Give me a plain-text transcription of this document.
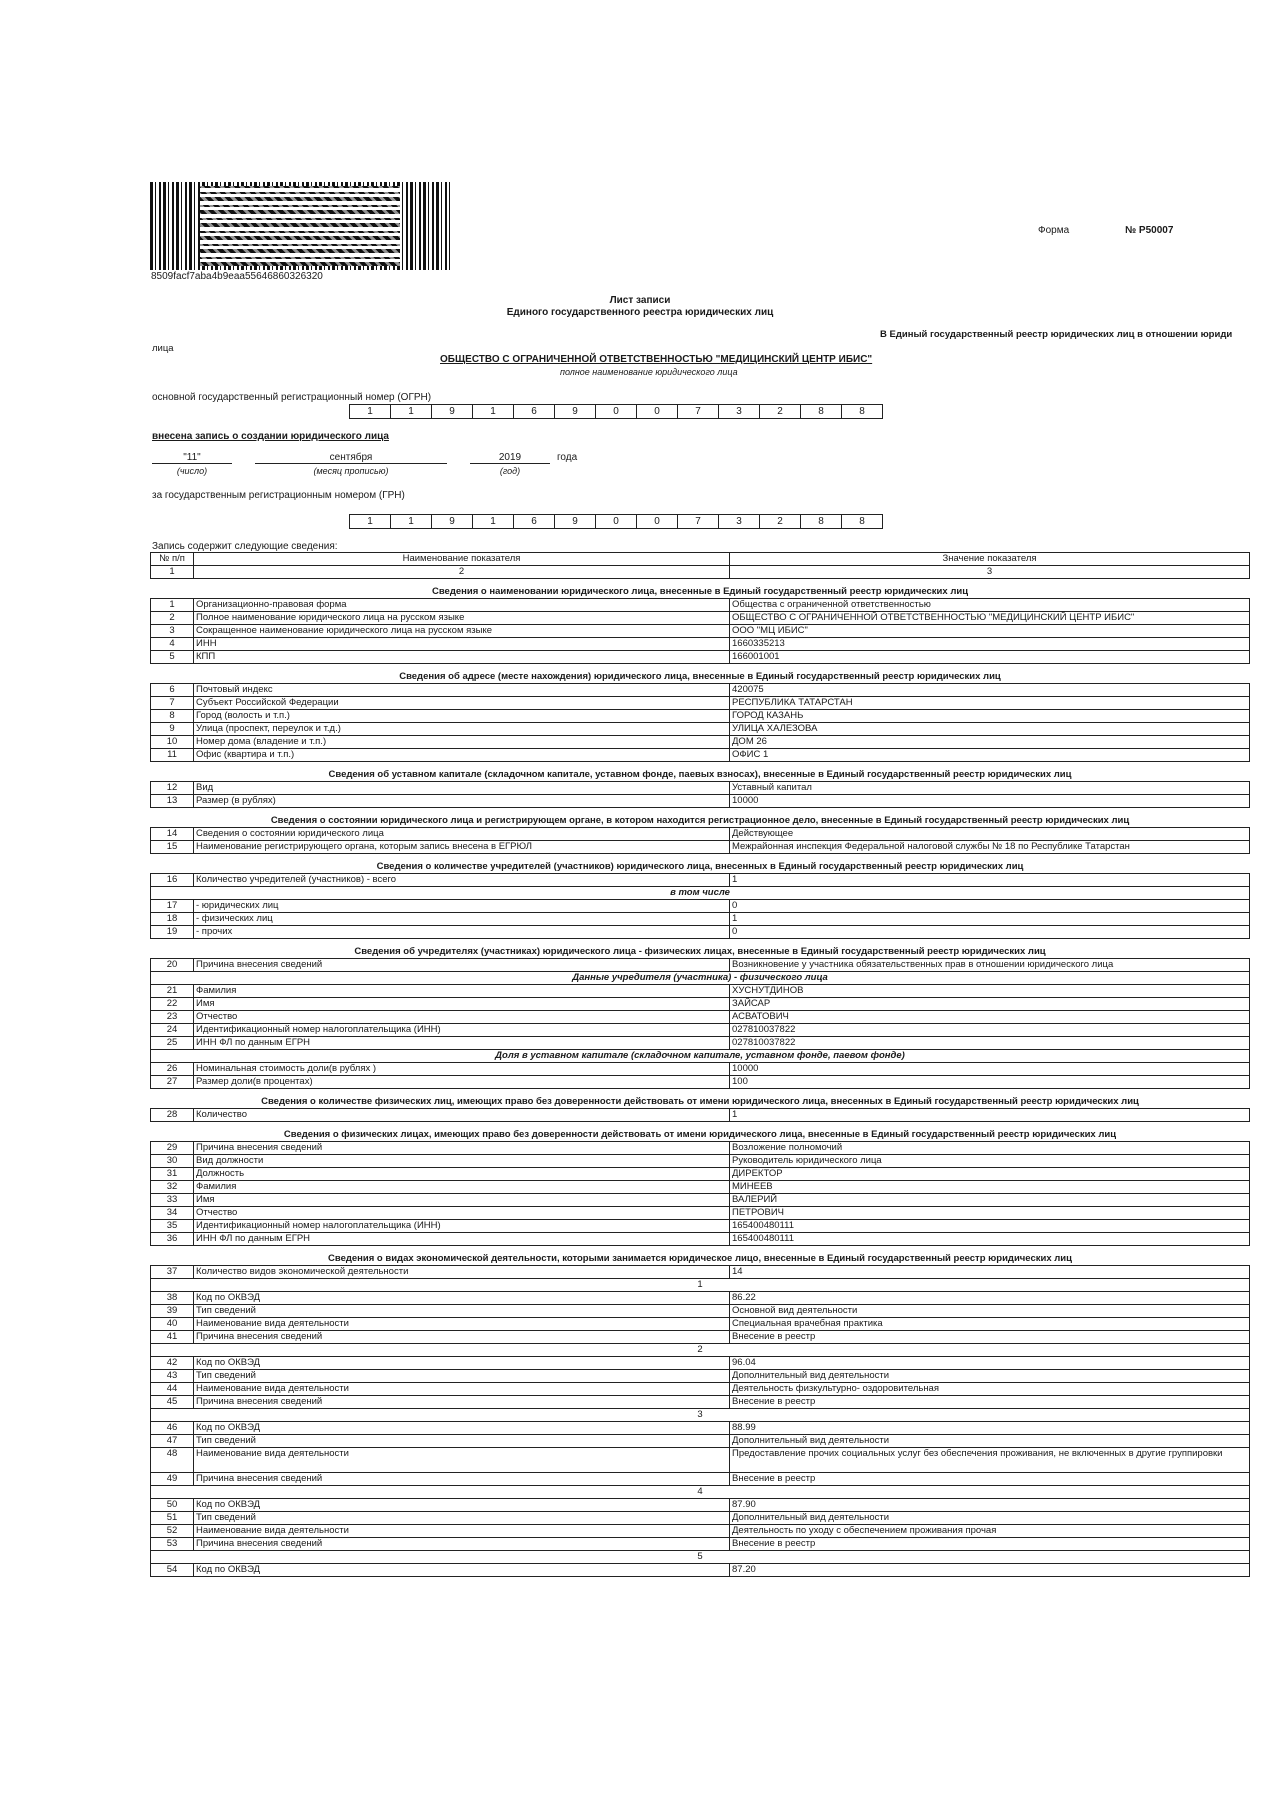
8509facf7aba4b9eaa55646860326320
Форма	№ Р50007
Лист записи
Единого государственного реестра юридических лиц
В Единый государственный реестр юридических лиц в отношении юриди
лица
ОБЩЕСТВО С ОГРАНИЧЕННОЙ ОТВЕТСТВЕННОСТЬЮ "МЕДИЦИНСКИЙ ЦЕНТР ИБИС"
полное наименование юридического лица
основной государственный регистрационный номер (ОГРН)
1	1	9	1	6	9	0	0	7	3	2	8	8
внесена запись о создании юридического лица
"11"	сентября	2019	года
(число)	(месяц прописью)	(год)
за государственным регистрационным номером (ГРН)
1	1	9	1	6	9	0	0	7	3	2	8	8
Запись содержит следующие сведения:
№ п/п	Наименование показателя	Значение показателя
1	2	3
Сведения о наименовании юридического лица, внесенные в Единый государственный реестр юридических лиц		
1	Организационно-правовая форма	Общества с ограниченной ответственностью
2	Полное наименование юридического лица на русском языке	ОБЩЕСТВО С ОГРАНИЧЕННОЙ ОТВЕТСТВЕННОСТЬЮ "МЕДИЦИНСКИЙ ЦЕНТР ИБИС"
3	Сокращенное наименование юридического лица на русском языке	ООО "МЦ ИБИС"
4	ИНН	1660335213
5	КПП	166001001
Сведения об адресе (месте нахождения) юридического лица, внесенные в Единый государственный реестр юридических лиц		
6	Почтовый индекс	420075
7	Субъект Российской Федерации	РЕСПУБЛИКА ТАТАРСТАН
8	Город (волость и т.п.)	ГОРОД КАЗАНЬ
9	Улица (проспект, переулок и т.д.)	УЛИЦА ХАЛЕЗОВА
10	Номер дома (владение и т.п.)	ДОМ 26
11	Офис (квартира и т.п.)	ОФИС 1
Сведения об уставном капитале (складочном капитале, уставном фонде, паевых взносах), внесенные в Единый государственный реестр юридических лиц		
12	Вид	Уставный капитал
13	Размер (в рублях)	10000
Сведения о состоянии юридического лица и регистрирующем органе, в котором находится регистрационное дело, внесенные в Единый государственный реестр юридических лиц		
14	Сведения о состоянии юридического лица	Действующее
15	Наименование регистрирующего органа, которым запись внесена в ЕГРЮЛ	Межрайонная инспекция Федеральной налоговой службы № 18 по Республике Татарстан
Сведения о количестве учредителей (участников) юридического лица, внесенных в Единый государственный реестр юридических лиц		
16	Количество учредителей (участников) - всего	1
в том числе		
17	- юридических лиц	0
18	- физических лиц	1
19	- прочих	0
Сведения об учредителях (участниках) юридического лица - физических лицах, внесенные в Единый государственный реестр юридических лиц		
20	Причина внесения сведений	Возникновение у участника обязательственных прав в отношении юридического лица
Данные учредителя (участника) - физического лица		
21	Фамилия	ХУСНУТДИНОВ
22	Имя	ЗАЙСАР
23	Отчество	АСВАТОВИЧ
24	Идентификационный номер налогоплательщика (ИНН)	027810037822
25	ИНН ФЛ по данным ЕГРН	027810037822
Доля в уставном капитале (складочном капитале, уставном фонде, паевом фонде)		
26	Номинальная стоимость доли(в рублях )	10000
27	Размер доли(в процентах)	100
Сведения о количестве физических лиц, имеющих право без доверенности действовать от имени юридического лица, внесенных в Единый государственный реестр юридических лиц		
28	Количество	1
Сведения о физических лицах, имеющих право без доверенности действовать от имени юридического лица, внесенные в Единый государственный реестр юридических лиц		
29	Причина внесения сведений	Возложение полномочий
30	Вид должности	Руководитель юридического лица
31	Должность	ДИРЕКТОР
32	Фамилия	МИНЕЕВ
33	Имя	ВАЛЕРИЙ
34	Отчество	ПЕТРОВИЧ
35	Идентификационный номер налогоплательщика (ИНН)	165400480111
36	ИНН ФЛ по данным ЕГРН	165400480111
Сведения о видах экономической деятельности, которыми занимается юридическое лицо, внесенные в Единый государственный реестр юридических лиц		
37	Количество видов экономической деятельности	14
1		
38	Код по ОКВЭД	86.22
39	Тип сведений	Основной вид деятельности
40	Наименование вида деятельности	Специальная врачебная практика
41	Причина внесения сведений	Внесение в реестр
2		
42	Код по ОКВЭД	96.04
43	Тип сведений	Дополнительный вид деятельности
44	Наименование вида деятельности	Деятельность физкультурно- оздоровительная
45	Причина внесения сведений	Внесение в реестр
3		
46	Код по ОКВЭД	88.99
47	Тип сведений	Дополнительный вид деятельности
48	Наименование вида деятельности	Предоставление прочих социальных услуг без обеспечения проживания, не включенных в другие группировки
49	Причина внесения сведений	Внесение в реестр
4		
50	Код по ОКВЭД	87.90
51	Тип сведений	Дополнительный вид деятельности
52	Наименование вида деятельности	Деятельность по уходу с обеспечением проживания прочая
53	Причина внесения сведений	Внесение в реестр
5		
54	Код по ОКВЭД	87.20
